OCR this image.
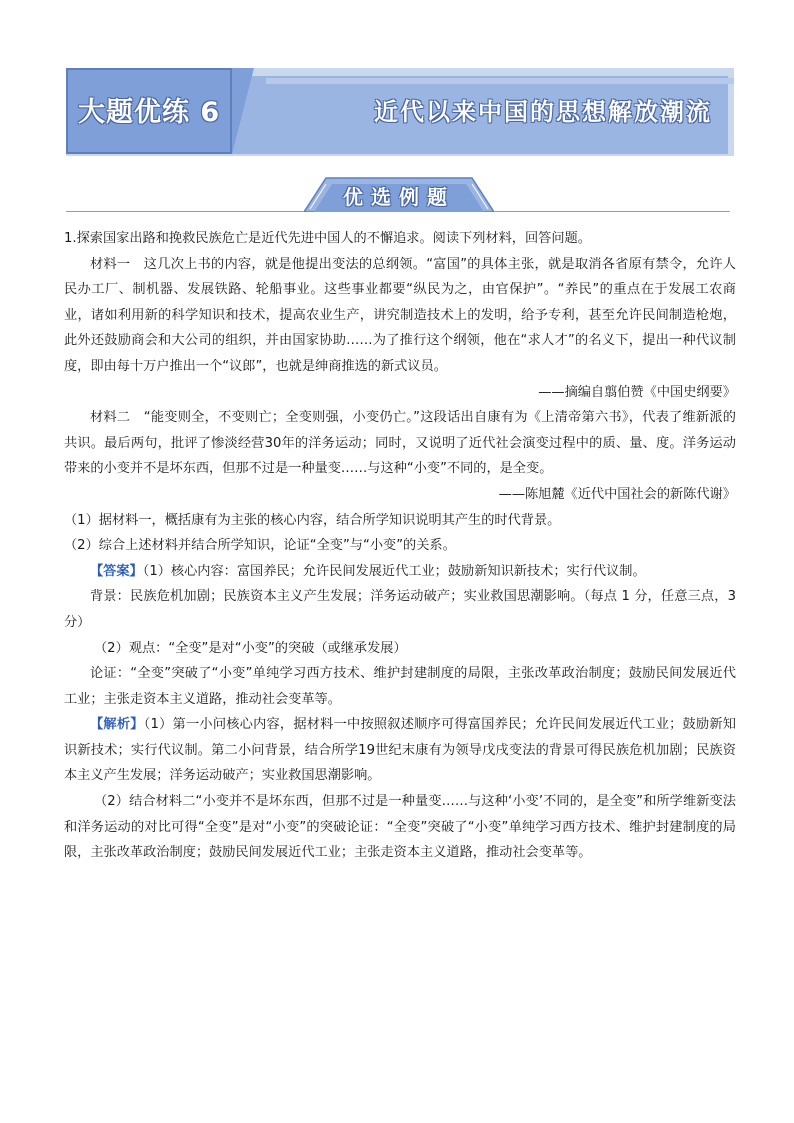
大题优练 6	近代以来中国的思想解放潮流
优选例题

1.探索国家出路和挽救民族危亡是近代先进中国人的不懈追求。阅读下列材料，回答问题。

材料一　这几次上书的内容，就是他提出变法的总纲领。“富国”的具体主张，就是取消各省原有禁令，允许人民办工厂、制机器、发展铁路、轮船事业。这些事业都要“纵民为之，由官保护”。“养民”的重点在于发展工农商业，诸如利用新的科学知识和技术，提高农业生产，讲究制造技术上的发明，给予专利，甚至允许民间制造枪炮，此外还鼓励商会和大公司的组织，并由国家协助……为了推行这个纲领，他在“求人才”的名义下，提出一种代议制度，即由每十万户推出一个“议郎”，也就是绅商推选的新式议员。

——摘编自翦伯赞《中国史纲要》

材料二　“能变则全，不变则亡；全变则强，小变仍亡。”这段话出自康有为《上清帝第六书》，代表了维新派的共识。最后两句，批评了惨淡经营30年的洋务运动；同时，又说明了近代社会演变过程中的质、量、度。洋务运动带来的小变并不是坏东西，但那不过是一种量变……与这种“小变”不同的，是全变。

——陈旭麓《近代中国社会的新陈代谢》

（1）据材料一，概括康有为主张的核心内容，结合所学知识说明其产生的时代背景。

（2）综合上述材料并结合所学知识，论证“全变”与“小变”的关系。

【答案】（1）核心内容：富国养民；允许民间发展近代工业；鼓励新知识新技术；实行代议制。

背景：民族危机加剧；民族资本主义产生发展；洋务运动破产；实业救国思潮影响。（每点 1 分，任意三点，3 分）

（2）观点：“全变”是对“小变”的突破（或继承发展）

论证：“全变”突破了“小变”单纯学习西方技术、维护封建制度的局限，主张改革政治制度；鼓励民间发展近代工业；主张走资本主义道路，推动社会变革等。

【解析】（1）第一小问核心内容，据材料一中按照叙述顺序可得富国养民；允许民间发展近代工业；鼓励新知识新技术；实行代议制。第二小问背景，结合所学19世纪末康有为领导戊戌变法的背景可得民族危机加剧；民族资本主义产生发展；洋务运动破产；实业救国思潮影响。

（2）结合材料二“小变并不是坏东西，但那不过是一种量变……与这种‘小变’不同的，是全变”和所学维新变法和洋务运动的对比可得“全变”是对“小变”的突破论证：“全变”突破了“小变”单纯学习西方技术、维护封建制度的局限，主张改革政治制度；鼓励民间发展近代工业；主张走资本主义道路，推动社会变革等。
